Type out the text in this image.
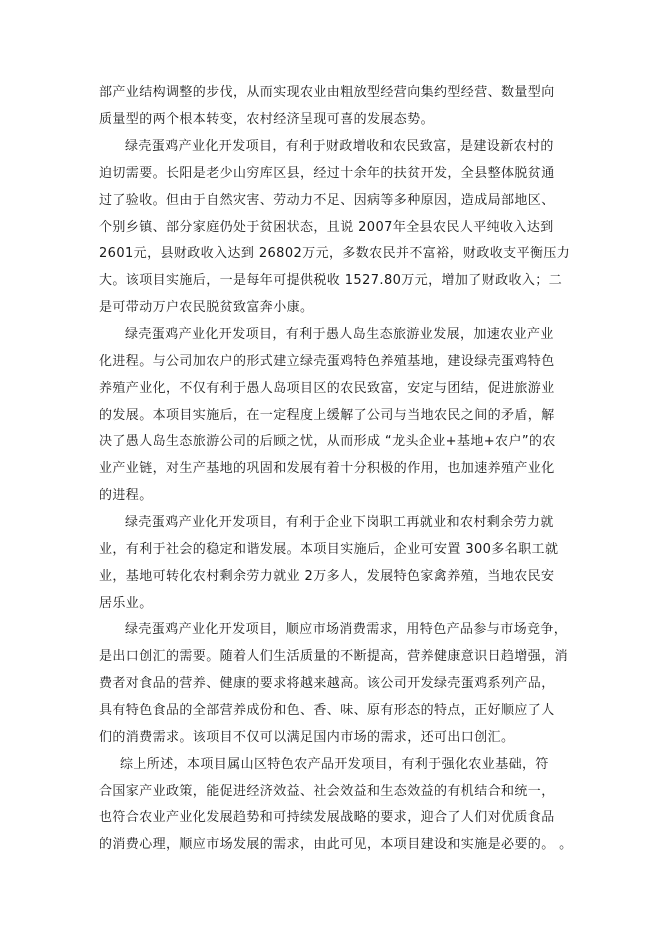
部产业结构调整的步伐，从而实现农业由粗放型经营向集约型经营、数量型向
质量型的两个根本转变，农村经济呈现可喜的发展态势。
绿壳蛋鸡产业化开发项目，有利于财政增收和农民致富，是建设新农村的
迫切需要。长阳是老少山穷库区县，经过十余年的扶贫开发，全县整体脱贫通
过了验收。但由于自然灾害、劳动力不足、因病等多种原因，造成局部地区、
个别乡镇、部分家庭仍处于贫困状态，且说 2007年全县农民人平纯收入达到
2601元，县财政收入达到 26802万元，多数农民并不富裕，财政收支平衡压力
大。该项目实施后，一是每年可提供税收 1527.80万元，增加了财政收入；二
是可带动万户农民脱贫致富奔小康。
绿壳蛋鸡产业化开发项目，有利于愚人岛生态旅游业发展，加速农业产业
化进程。与公司加农户的形式建立绿壳蛋鸡特色养殖基地，建设绿壳蛋鸡特色
养殖产业化，不仅有利于愚人岛项目区的农民致富，安定与团结，促进旅游业
的发展。本项目实施后，在一定程度上缓解了公司与当地农民之间的矛盾，解
决了愚人岛生态旅游公司的后顾之忧，从而形成 “龙头企业+基地+农户”的农
业产业链，对生产基地的巩固和发展有着十分积极的作用，也加速养殖产业化
的进程。
绿壳蛋鸡产业化开发项目，有利于企业下岗职工再就业和农村剩余劳力就
业，有利于社会的稳定和谐发展。本项目实施后，企业可安置 300多名职工就
业，基地可转化农村剩余劳力就业 2万多人，发展特色家禽养殖，当地农民安
居乐业。
绿壳蛋鸡产业化开发项目，顺应市场消费需求，用特色产品参与市场竞争，
是出口创汇的需要。随着人们生活质量的不断提高，营养健康意识日趋增强，消
费者对食品的营养、健康的要求将越来越高。该公司开发绿壳蛋鸡系列产品，
具有特色食品的全部营养成份和色、香、味、原有形态的特点，正好顺应了人
们的消费需求。该项目不仅可以满足国内市场的需求，还可出口创汇。
综上所述，本项目属山区特色农产品开发项目，有利于强化农业基础，符
合国家产业政策，能促进经济效益、社会效益和生态效益的有机结合和统一，
也符合农业产业化发展趋势和可持续发展战略的要求，迎合了人们对优质食品
的消费心理，顺应市场发展的需求，由此可见，本项目建设和实施是必要的。 。
